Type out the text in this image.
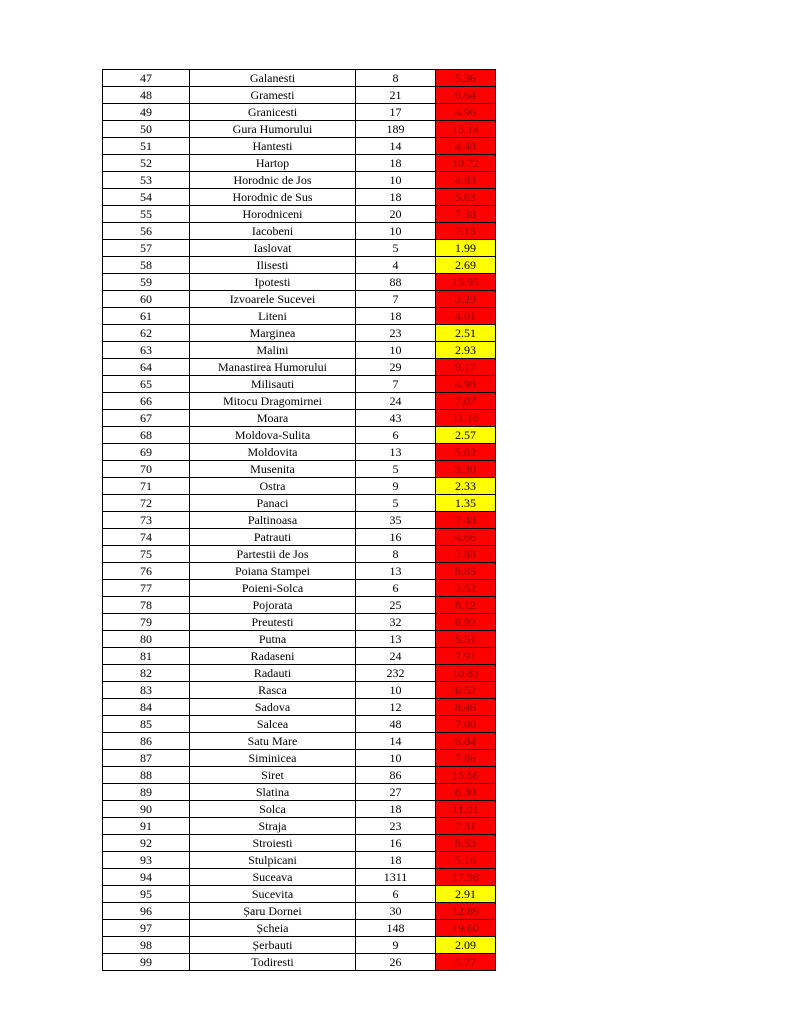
47	Galanesti	8	5.36
48	Gramesti	21	9.64
49	Granicesti	17	4.96
50	Gura Humorului	189	15.14
51	Hantesti	14	4.48
52	Hartop	18	10.72
53	Horodnic de Jos	10	4.83
54	Horodnic de Sus	18	5.63
55	Horodniceni	20	7.38
56	Iacobeni	10	7.15
57	Iaslovat	5	1.99
58	Ilisesti	4	2.69
59	Ipotesti	88	15.95
60	Izvoarele Sucevei	7	3.29
61	Liteni	18	4.01
62	Marginea	23	2.51
63	Malini	10	2.93
64	Manastirea Humorului	29	9.17
65	Milisauti	7	4.98
66	Mitocu Dragomirnei	24	7.07
67	Moara	43	11.18
68	Moldova-Sulita	6	2.57
69	Moldovita	13	5.82
70	Musenita	5	3.30
71	Ostra	9	2.33
72	Panaci	5	1.35
73	Paltinoasa	35	7.48
74	Patrauti	16	4.66
75	Partestii de Jos	8	3.88
76	Poiana Stampei	13	8.85
77	Poieni-Solca	6	3.52
78	Pojorata	25	8.12
79	Preutesti	32	6.92
80	Putna	13	5.51
81	Radaseni	24	7.91
82	Radauti	232	10.83
83	Rasca	10	6.52
84	Sadova	12	8.46
85	Salcea	48	7.00
86	Satu Mare	14	6.84
87	Siminicea	10	7.86
88	Siret	86	15.56
89	Slatina	27	6.30
90	Solca	18	11.01
91	Straja	23	7.31
92	Stroiesti	16	8.53
93	Stulpicani	18	5.16
94	Suceava	1311	17.98
95	Sucevita	6	2.91
96	Șaru Dornei	30	12.89
97	Șcheia	148	19.60
98	Șerbauti	9	2.09
99	Todiresti	26	5.77
